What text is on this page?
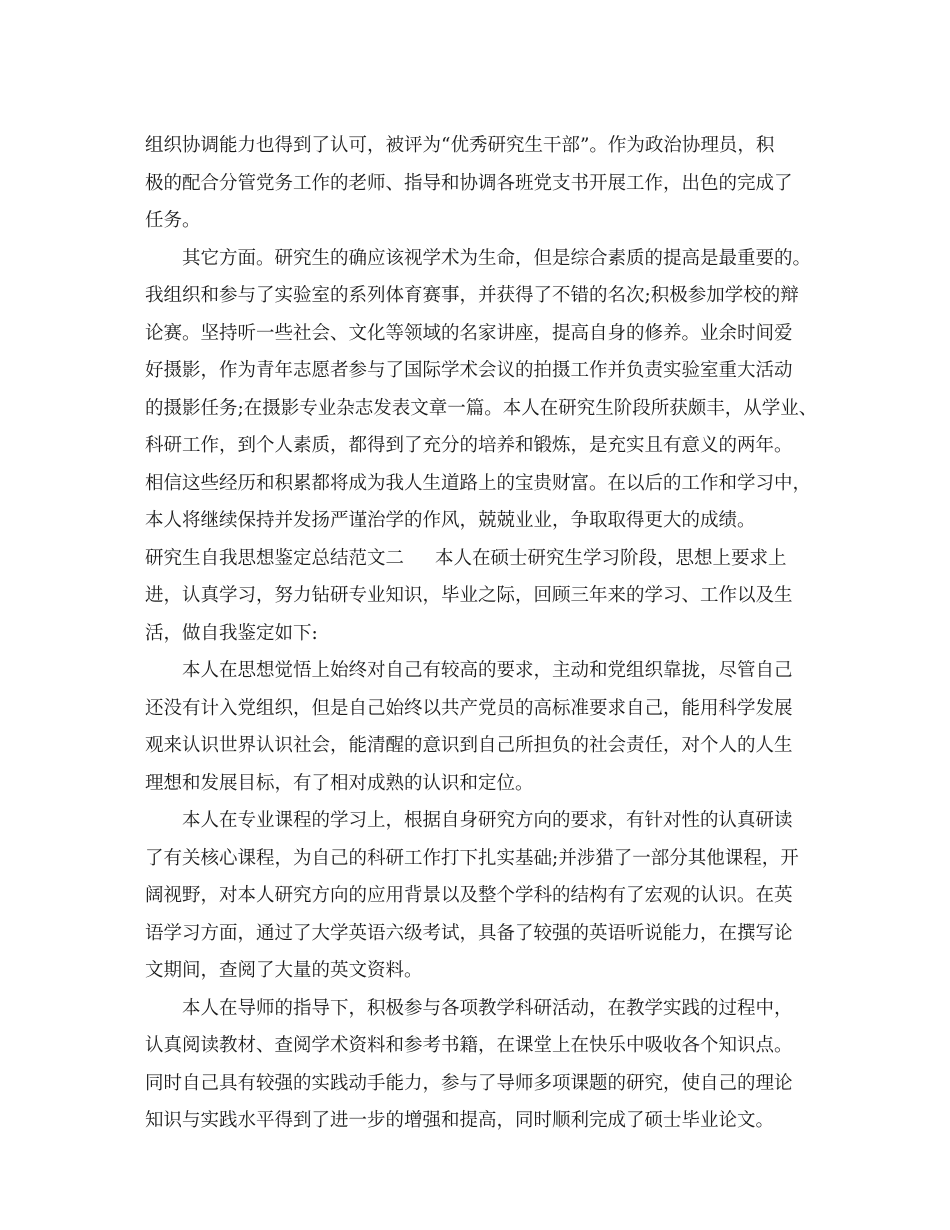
组织协调能力也得到了认可，被评为“优秀研究生干部”。作为政治协理员，积
极的配合分管党务工作的老师、指导和协调各班党支书开展工作，出色的完成了
任务。
其它方面。研究生的确应该视学术为生命，但是综合素质的提高是最重要的。
我组织和参与了实验室的系列体育赛事，并获得了不错的名次;积极参加学校的辩
论赛。坚持听一些社会、文化等领域的名家讲座，提高自身的修养。业余时间爱
好摄影，作为青年志愿者参与了国际学术会议的拍摄工作并负责实验室重大活动
的摄影任务;在摄影专业杂志发表文章一篇。本人在研究生阶段所获颇丰，从学业、
科研工作，到个人素质，都得到了充分的培养和锻炼，是充实且有意义的两年。
相信这些经历和积累都将成为我人生道路上的宝贵财富。在以后的工作和学习中，
本人将继续保持并发扬严谨治学的作风，兢兢业业，争取取得更大的成绩。
研究生自我思想鉴定总结范文二 本人在硕士研究生学习阶段，思想上要求上
进，认真学习，努力钻研专业知识，毕业之际，回顾三年来的学习、工作以及生
活，做自我鉴定如下:
本人在思想觉悟上始终对自己有较高的要求，主动和党组织靠拢，尽管自己
还没有计入党组织，但是自己始终以共产党员的高标准要求自己，能用科学发展
观来认识世界认识社会，能清醒的意识到自己所担负的社会责任，对个人的人生
理想和发展目标，有了相对成熟的认识和定位。
本人在专业课程的学习上，根据自身研究方向的要求，有针对性的认真研读
了有关核心课程，为自己的科研工作打下扎实基础;并涉猎了一部分其他课程，开
阔视野，对本人研究方向的应用背景以及整个学科的结构有了宏观的认识。在英
语学习方面，通过了大学英语六级考试，具备了较强的英语听说能力，在撰写论
文期间，查阅了大量的英文资料。
本人在导师的指导下，积极参与各项教学科研活动，在教学实践的过程中，
认真阅读教材、查阅学术资料和参考书籍，在课堂上在快乐中吸收各个知识点。
同时自己具有较强的实践动手能力，参与了导师多项课题的研究，使自己的理论
知识与实践水平得到了进一步的增强和提高，同时顺利完成了硕士毕业论文。
